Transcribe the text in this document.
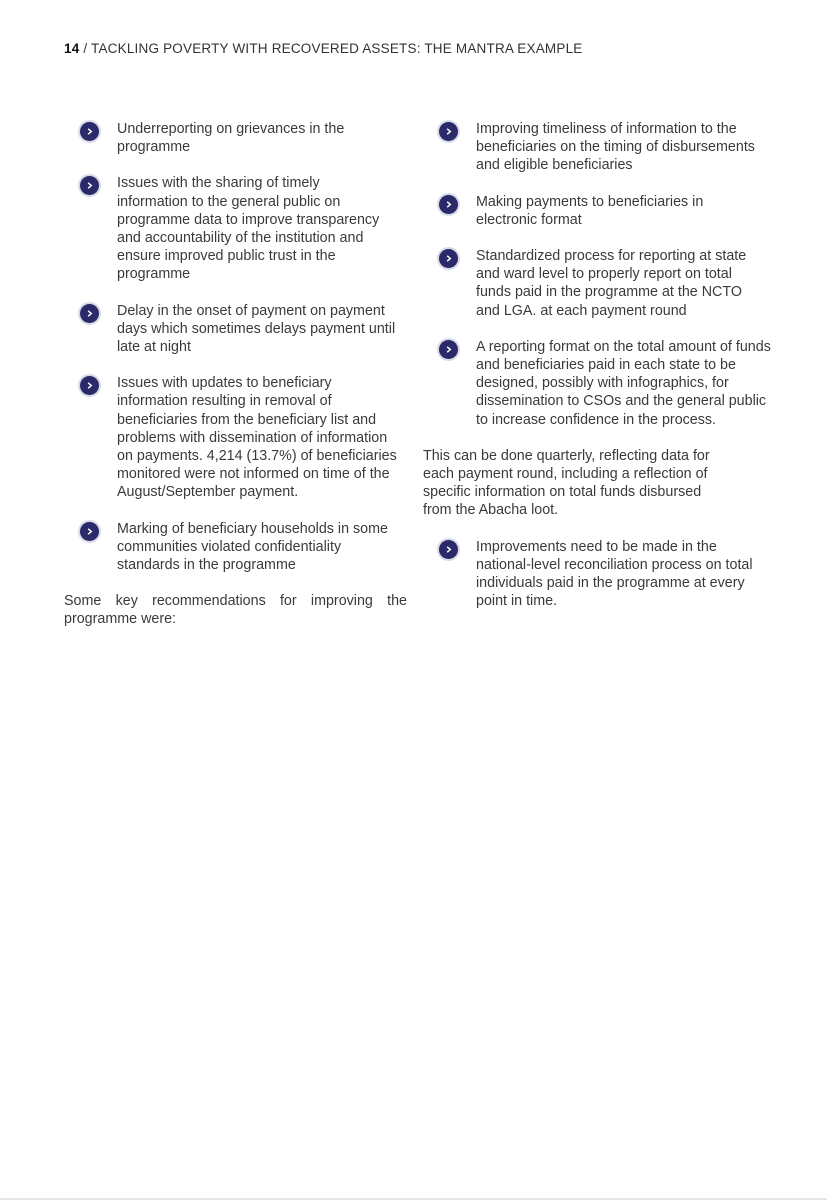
14 / TACKLING POVERTY WITH RECOVERED ASSETS: THE MANTRA EXAMPLE
Underreporting on grievances in the programme
Issues with the sharing of timely information to the general public on programme data to improve transparency and accountability of the institution and ensure improved public trust in the programme
Delay in the onset of payment on payment days which sometimes delays payment until late at night
Issues with updates to beneficiary information resulting in removal of beneficiaries from the beneficiary list and problems with dissemination of information on payments. 4,214 (13.7%) of beneficiaries monitored were not informed on time of the August/September payment.
Marking of beneficiary households in some communities violated confidentiality standards in the programme

Some key recommendations for improving the programme were:

Improving timeliness of information to the beneficiaries on the timing of disbursements and eligible beneficiaries
Making payments to beneficiaries in electronic format
Standardized process for reporting at state and ward level to properly report on total funds paid in the programme at the NCTO and LGA. at each payment round
A reporting format on the total amount of funds and beneficiaries paid in each state to be designed, possibly with infographics, for dissemination to CSOs and the general public to increase confidence in the process.

This can be done quarterly, reflecting data for each payment round, including a reflection of specific information on total funds disbursed from the Abacha loot.

Improvements need to be made in the national-level reconciliation process on total individuals paid in the programme at every point in time.
